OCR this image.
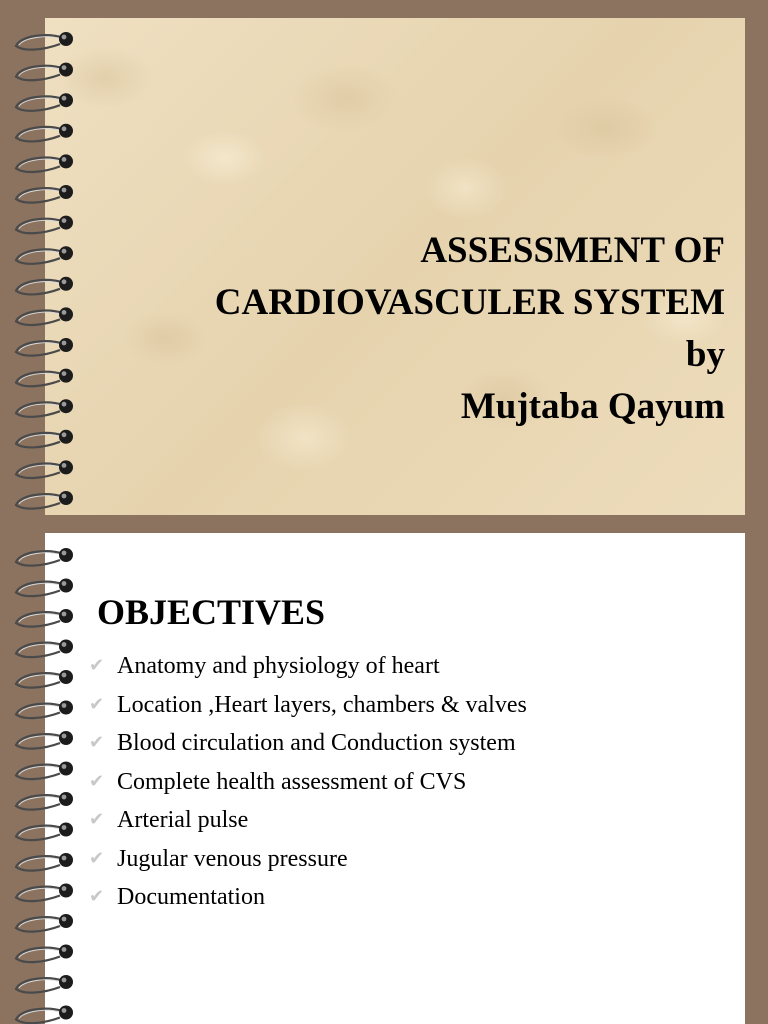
ASSESSMENT OF
CARDIOVASCULER SYSTEM
by
Mujtaba Qayum
OBJECTIVES
✔ Anatomy and physiology of heart
✔ Location ,Heart layers, chambers & valves
✔ Blood circulation and Conduction system
✔ Complete health assessment of CVS
✔ Arterial pulse
✔ Jugular venous pressure
✔ Documentation
